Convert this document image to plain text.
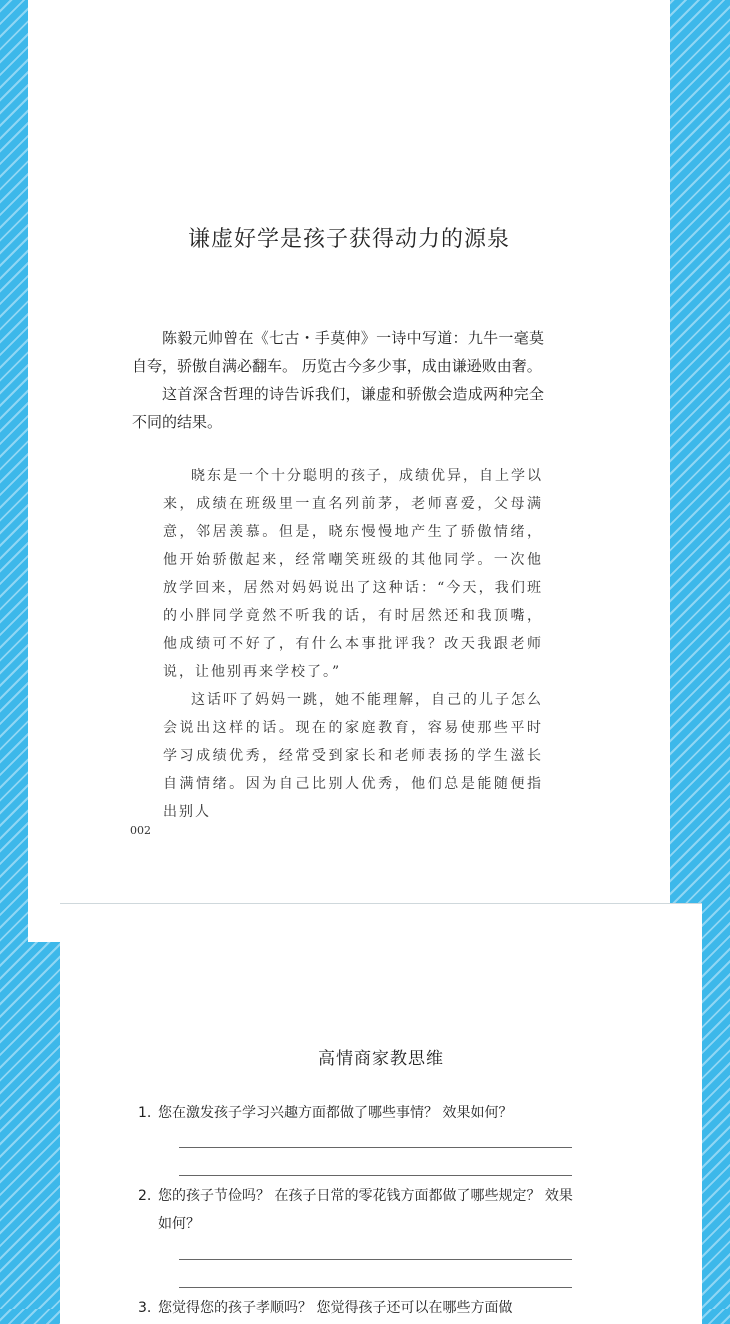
谦虚好学是孩子获得动力的源泉

陈毅元帅曾在《七古・手莫伸》一诗中写道：九牛一毫莫自夸，骄傲自满必翻车。 历览古今多少事，成由谦逊败由奢。

这首深含哲理的诗告诉我们，谦虚和骄傲会造成两种完全不同的结果。

晓东是一个十分聪明的孩子，成绩优异，自上学以来，成绩在班级里一直名列前茅，老师喜爱，父母满意，邻居羡慕。但是，晓东慢慢地产生了骄傲情绪，他开始骄傲起来，经常嘲笑班级的其他同学。一次他放学回来，居然对妈妈说出了这种话：“今天，我们班的小胖同学竟然不听我的话，有时居然还和我顶嘴，他成绩可不好了，有什么本事批评我？改天我跟老师说，让他别再来学校了。”

这话吓了妈妈一跳，她不能理解，自己的儿子怎么会说出这样的话。现在的家庭教育，容易使那些平时学习成绩优秀，经常受到家长和老师表扬的学生滋长自满情绪。因为自己比别人优秀，他们总是能随便指出别人

002
高情商家教思维
1. 您在激发孩子学习兴趣方面都做了哪些事情？ 效果如何？
2. 您的孩子节俭吗？ 在孩子日常的零花钱方面都做了哪些规定？ 效果如何？
3. 您觉得您的孩子孝顺吗？ 您觉得孩子还可以在哪些方面做
